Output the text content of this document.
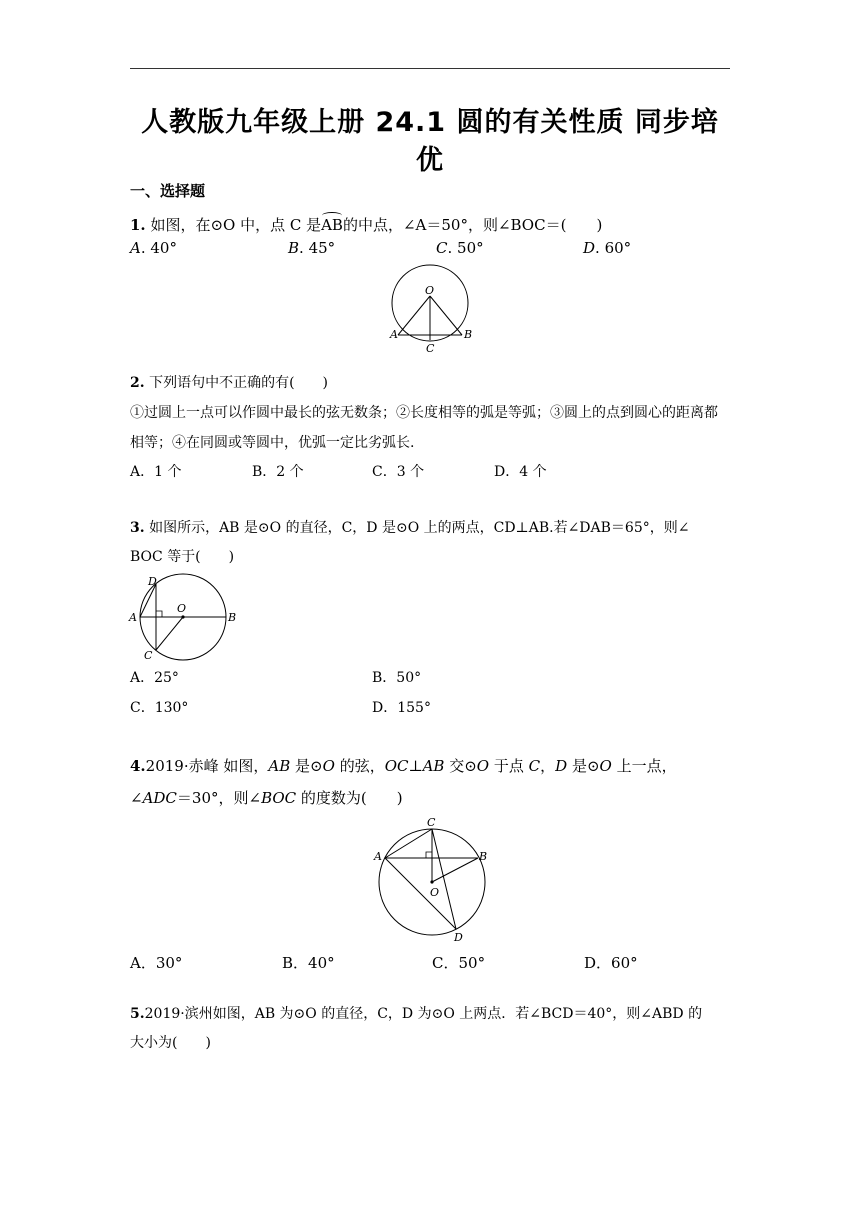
人教版九年级上册 24.1 圆的有关性质 同步培
优
一、选择题
1. 如图，在⊙O 中，点 C 是AB的中点，∠A＝50°，则∠BOC＝(　　)
A. 40°	B. 45°	C. 50°	D. 60°
O
A	B
C
2. 下列语句中不正确的有(　　)
①过圆上一点可以作圆中最长的弦无数条；②长度相等的弧是等弧；③圆上的点到圆心的距离都相等；④在同圆或等圆中，优弧一定比劣弧长.
A．1 个	B．2 个	C．3 个	D．4 个
3. 如图所示，AB 是⊙O 的直径，C，D 是⊙O 上的两点，CD⊥AB.若∠DAB＝65°，则∠
BOC 等于(　　)
D
A
O
B
C
A．25°	B．50°
C．130°	D．155°
4.2019·赤峰 如图，AB 是⊙O 的弦，OC⊥AB 交⊙O 于点 C，D 是⊙O 上一点，
∠ADC＝30°，则∠BOC 的度数为(　　)
C
A	B
O
D
A．30°	B．40°	C．50°	D．60°
5.2019·滨州如图，AB 为⊙O 的直径，C，D 为⊙O 上两点．若∠BCD＝40°，则∠ABD 的
大小为(　　)
